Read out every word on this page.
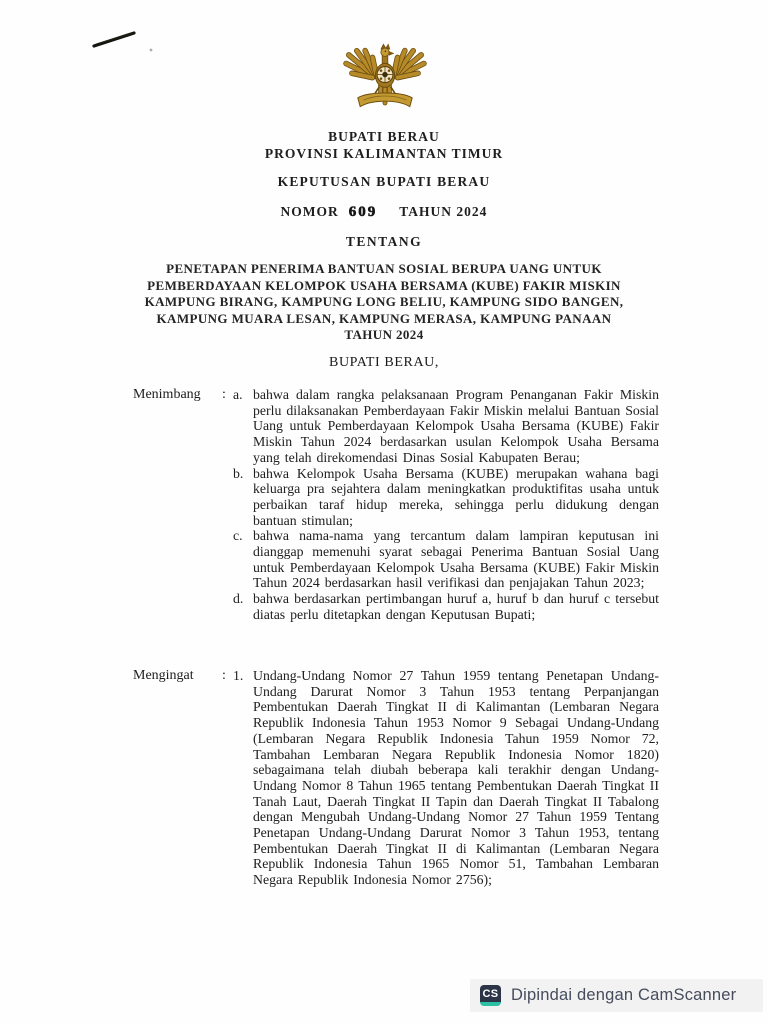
BUPATI BERAU
PROVINSI KALIMANTAN TIMUR
KEPUTUSAN BUPATI BERAU
NOMOR 609 TAHUN 2024
TENTANG
PENETAPAN PENERIMA BANTUAN SOSIAL BERUPA UANG UNTUK
PEMBERDAYAAN KELOMPOK USAHA BERSAMA (KUBE) FAKIR MISKIN
KAMPUNG BIRANG, KAMPUNG LONG BELIU, KAMPUNG SIDO BANGEN,
KAMPUNG MUARA LESAN, KAMPUNG MERASA, KAMPUNG PANAAN
TAHUN 2024
BUPATI BERAU,
Menimbang	: a. bahwa dalam rangka pelaksanaan Program Penanganan Fakir Miskin perlu dilaksanakan Pemberdayaan Fakir Miskin melalui Bantuan Sosial Uang untuk Pemberdayaan Kelompok Usaha Bersama (KUBE) Fakir Miskin Tahun 2024 berdasarkan usulan Kelompok Usaha Bersama yang telah direkomendasi Dinas Sosial Kabupaten Berau;
b. bahwa Kelompok Usaha Bersama (KUBE) merupakan wahana bagi keluarga pra sejahtera dalam meningkatkan produktifitas usaha untuk perbaikan taraf hidup mereka, sehingga perlu didukung dengan bantuan stimulan;
c. bahwa nama-nama yang tercantum dalam lampiran keputusan ini dianggap memenuhi syarat sebagai Penerima Bantuan Sosial Uang untuk Pemberdayaan Kelompok Usaha Bersama (KUBE) Fakir Miskin Tahun 2024 berdasarkan hasil verifikasi dan penjajakan Tahun 2023;
d. bahwa berdasarkan pertimbangan huruf a, huruf b dan huruf c tersebut diatas perlu ditetapkan dengan Keputusan Bupati;
Mengingat	: 1. Undang-Undang Nomor 27 Tahun 1959 tentang Penetapan Undang-Undang Darurat Nomor 3 Tahun 1953 tentang Perpanjangan Pembentukan Daerah Tingkat II di Kalimantan (Lembaran Negara Republik Indonesia Tahun 1953 Nomor 9 Sebagai Undang-Undang (Lembaran Negara Republik Indonesia Tahun 1959 Nomor 72, Tambahan Lembaran Negara Republik Indonesia Nomor 1820) sebagaimana telah diubah beberapa kali terakhir dengan Undang-Undang Nomor 8 Tahun 1965 tentang Pembentukan Daerah Tingkat II Tanah Laut, Daerah Tingkat II Tapin dan Daerah Tingkat II Tabalong dengan Mengubah Undang-Undang Nomor 27 Tahun 1959 Tentang Penetapan Undang-Undang Darurat Nomor 3 Tahun 1953, tentang Pembentukan Daerah Tingkat II di Kalimantan (Lembaran Negara Republik Indonesia Tahun 1965 Nomor 51, Tambahan Lembaran Negara Republik Indonesia Nomor 2756);
CS Dipindai dengan CamScanner
